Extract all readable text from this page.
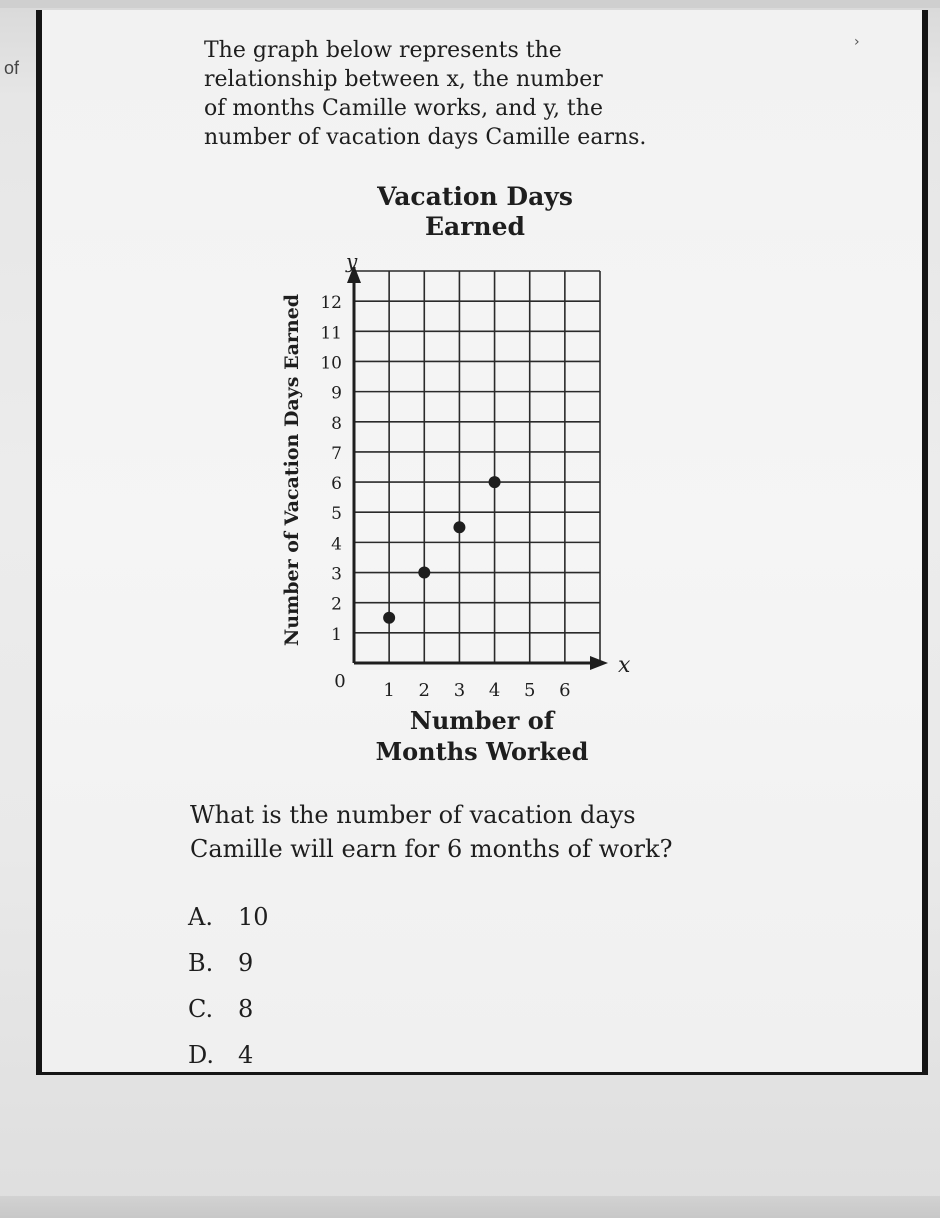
of
›

The graph below represents the
relationship between x, the number
of months Camille works, and y, the
number of vacation days Camille earns.

Vacation Days
Earned
y
x
0
1
2
3
4
5
6
7
8
9
10
11
12
1 2 3 4 5 6
Number of Vacation Days Earned
Number of
Months Worked

What is the number of vacation days
Camille will earn for 6 months of work?

A.	10
B.	9
C.	8
D. 4
